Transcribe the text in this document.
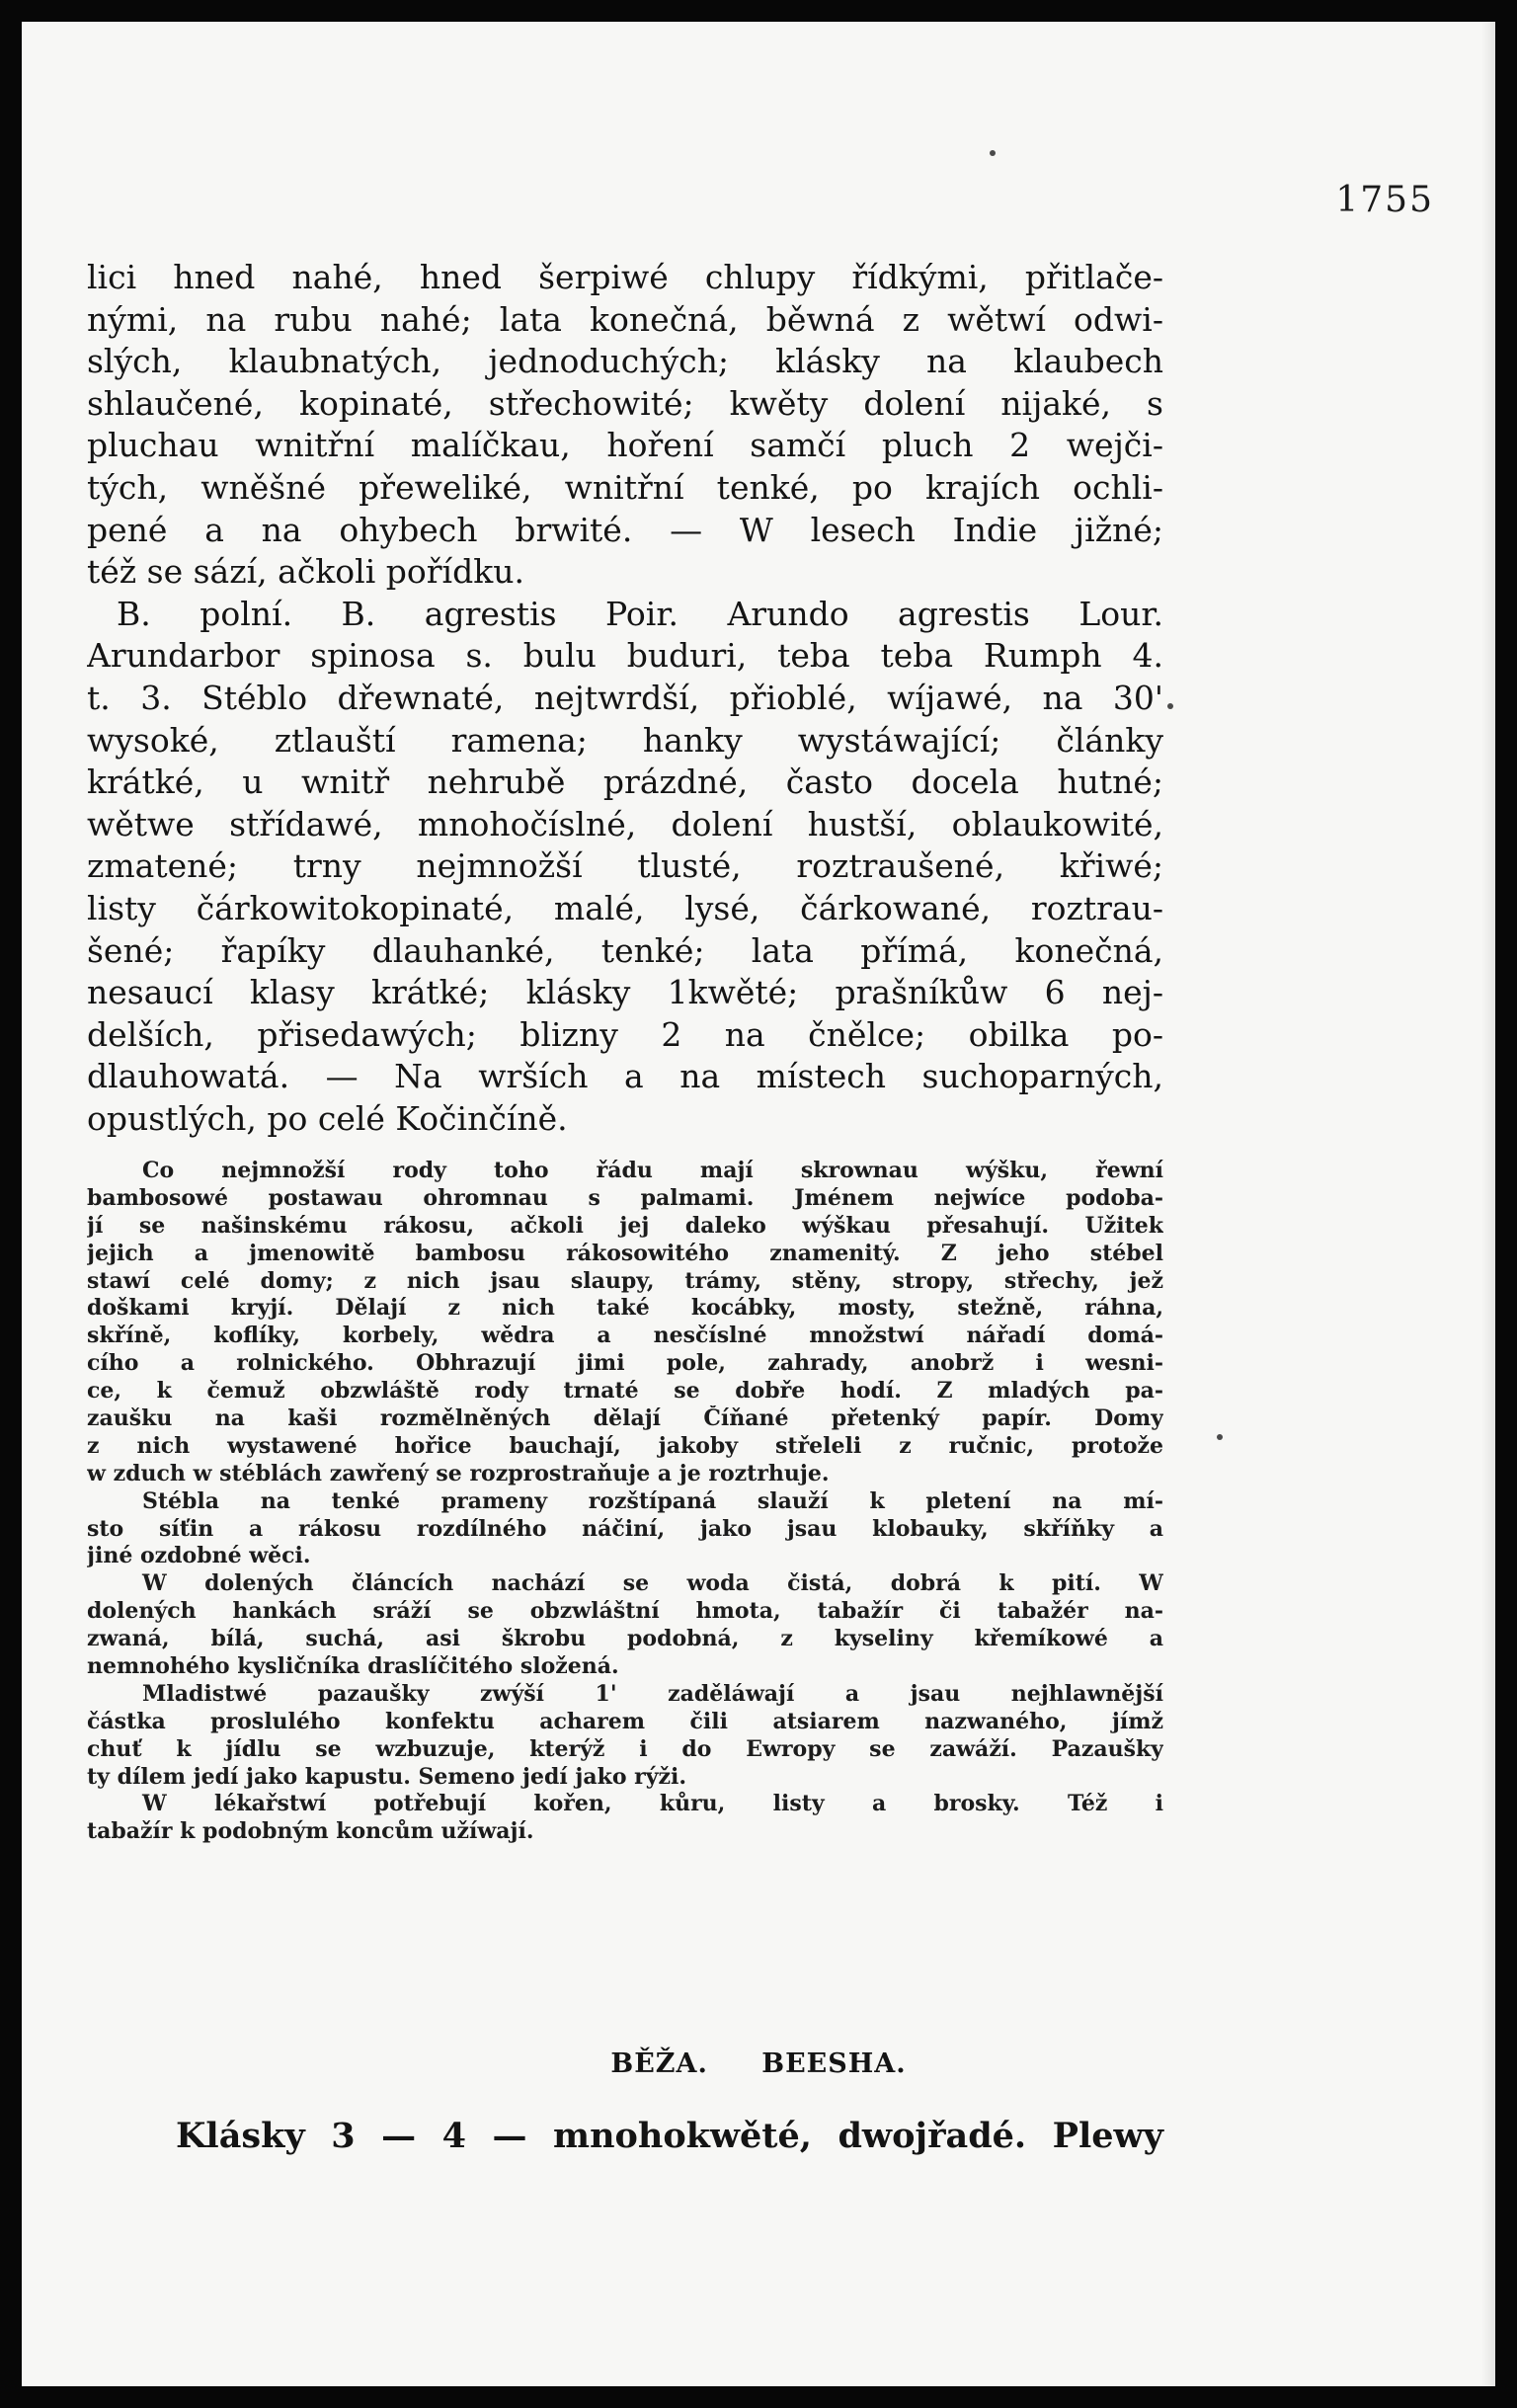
1755
lici hned nahé, hned šerpiwé chlupy řídkými, přitlače-
nými, na rubu nahé; lata konečná, běwná z wětwí odwi-
slých, klaubnatých, jednoduchých; klásky na klaubech
shlaučené, kopinaté, střechowité; kwěty dolení nijaké, s
pluchau wnitřní malíčkau, hoření samčí pluch 2 wejči-
tých, wněšné přeweliké, wnitřní tenké, po krajích ochli-
pené a na ohybech brwité. — W lesech Indie jižné;
též se sází, ačkoli pořídku.
B. polní. B. agrestis Poir. Arundo agrestis Lour.
Arundarbor spinosa s. bulu buduri, teba teba Rumph 4.
t. 3. Stéblo dřewnaté, nejtwrdší, přioblé, wíjawé, na 30'
wysoké, ztlauští ramena; hanky wystáwající; články
krátké, u wnitř nehrubě prázdné, často docela hutné;
wětwe střídawé, mnohočíslné, dolení hustší, oblaukowité,
zmatené; trny nejmnožší tlusté, roztraušené, křiwé;
listy čárkowitokopinaté, malé, lysé, čárkowané, roztrau-
šené; řapíky dlauhanké, tenké; lata přímá, konečná,
nesaucí klasy krátké; klásky 1kwěté; prašníkůw 6 nej-
delších, přisedawých; blizny 2 na čnělce; obilka po-
dlauhowatá. — Na wrších a na místech suchoparných,
opustlých, po celé Kočinčíně.
Co nejmnožší rody toho řádu mají skrownau wýšku, řewní
bambosowé postawau ohromnau s palmami. Jménem nejwíce podoba-
jí se našinskému rákosu, ačkoli jej daleko wýškau přesahují. Užitek
jejich a jmenowitě bambosu rákosowitého znamenitý. Z jeho stébel
stawí celé domy; z nich jsau slaupy, trámy, stěny, stropy, střechy, jež
doškami kryjí. Dělají z nich také kocábky, mosty, stežně, ráhna,
skříně, koflíky, korbely, wědra a nesčíslné množstwí nářadí domá-
cího a rolnického. Obhrazují jimi pole, zahrady, anobrž i wesni-
ce, k čemuž obzwláště rody trnaté se dobře hodí. Z mladých pa-
zaušku na kaši rozmělněných dělají Číňané přetenký papír. Domy
z nich wystawené hořice bauchají, jakoby střeleli z ručnic, protože
w zduch w stéblách zawřený se rozprostraňuje a je roztrhuje.
Stébla na tenké prameny rozštípaná slauží k pletení na mí-
sto síťin a rákosu rozdílného náčiní, jako jsau klobauky, skříňky a
jiné ozdobné wěci.
W dolených článcích nachází se woda čistá, dobrá k pití. W
dolených hankách sráží se obzwláštní hmota, tabažír či tabažér na-
zwaná, bílá, suchá, asi škrobu podobná, z kyseliny křemíkowé a
nemnohého kysličníka draslíčitého složená.
Mladistwé pazaušky zwýší 1' zaděláwají a jsau nejhlawnější
částka proslulého konfektu acharem čili atsiarem nazwaného, jímž
chuť k jídlu se wzbuzuje, kterýž i do Ewropy se zawáží. Pazaušky
ty dílem jedí jako kapustu. Semeno jedí jako rýži.
W lékařstwí potřebují kořen, kůru, listy a brosky. Též i
tabažír k podobným koncům užíwají.
BĚŽA. BEESHA.
Klásky 3 — 4 — mnohokwěté, dwojřadé. Plewy
